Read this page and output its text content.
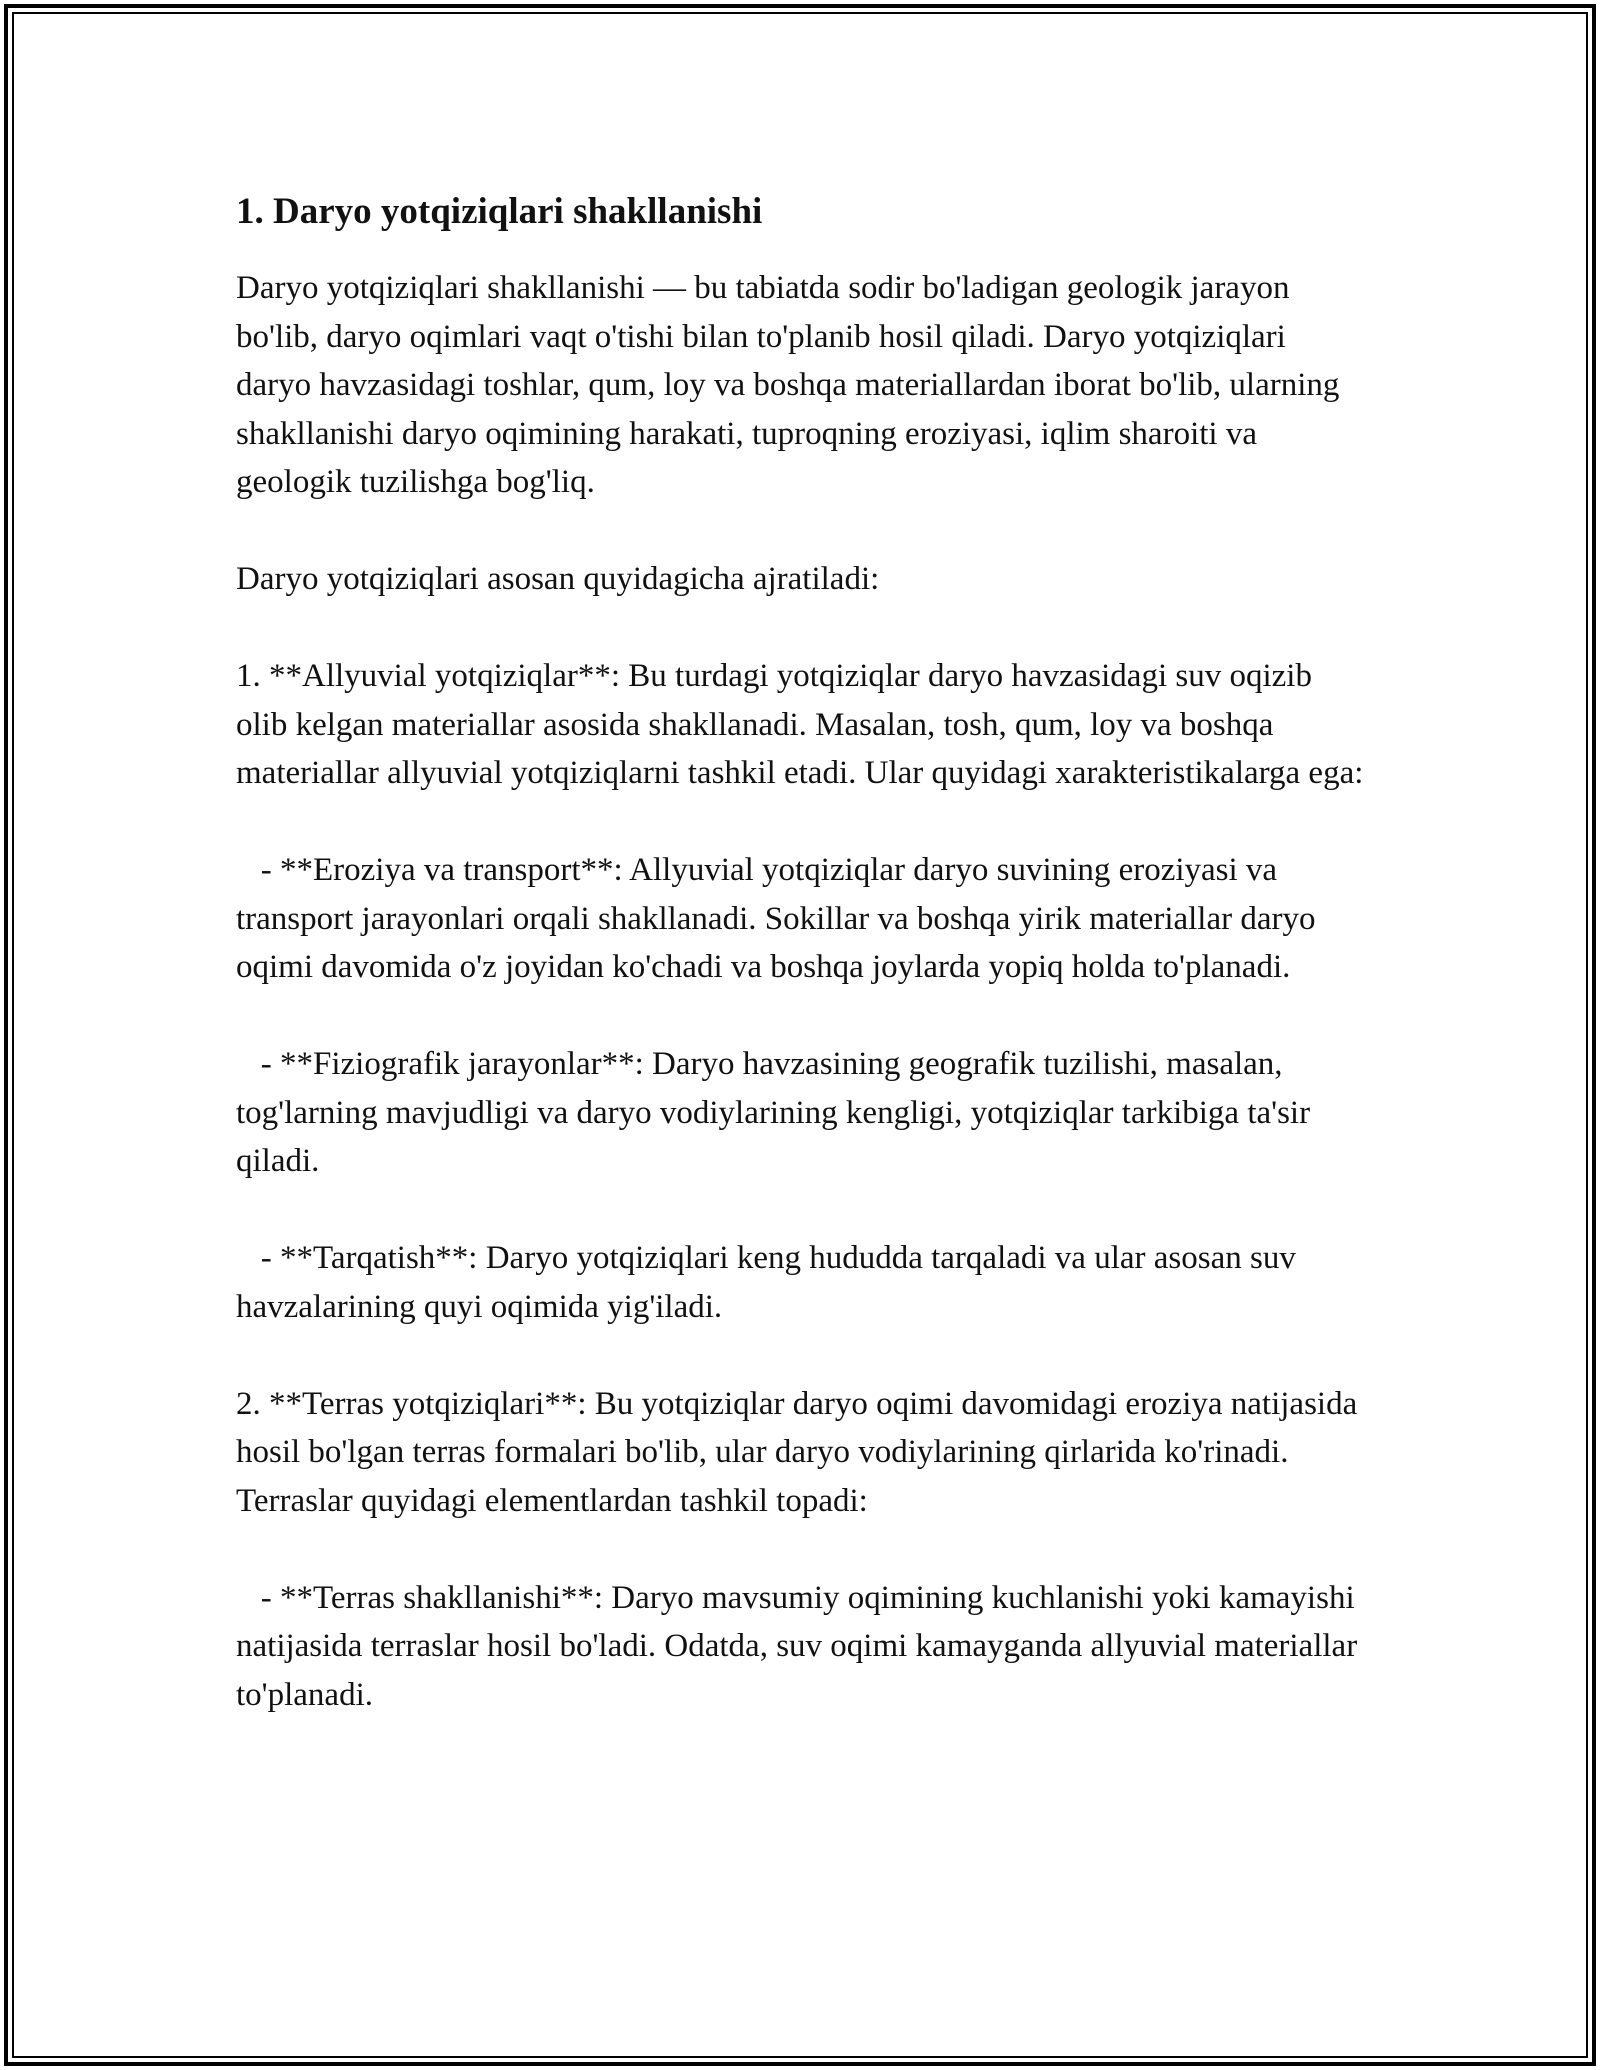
1. Daryo yotqiziqlari shakllanishi

Daryo yotqiziqlari shakllanishi — bu tabiatda sodir bo'ladigan geologik jarayon bo'lib, daryo oqimlari vaqt o'tishi bilan to'planib hosil qiladi. Daryo yotqiziqlari daryo havzasidagi toshlar, qum, loy va boshqa materiallardan iborat bo'lib, ularning shakllanishi daryo oqimining harakati, tuproqning eroziyasi, iqlim sharoiti va geologik tuzilishga bog'liq.

Daryo yotqiziqlari asosan quyidagicha ajratiladi:

1. **Allyuvial yotqiziqlar**: Bu turdagi yotqiziqlar daryo havzasidagi suv oqizib olib kelgan materiallar asosida shakllanadi. Masalan, tosh, qum, loy va boshqa materiallar allyuvial yotqiziqlarni tashkil etadi. Ular quyidagi xarakteristikalarga ega:

- **Eroziya va transport**: Allyuvial yotqiziqlar daryo suvining eroziyasi va transport jarayonlari orqali shakllanadi. Sokillar va boshqa yirik materiallar daryo oqimi davomida o'z joyidan ko'chadi va boshqa joylarda yopiq holda to'planadi.

- **Fiziografik jarayonlar**: Daryo havzasining geografik tuzilishi, masalan, tog'larning mavjudligi va daryo vodiylarining kengligi, yotqiziqlar tarkibiga ta'sir qiladi.

- **Tarqatish**: Daryo yotqiziqlari keng hududda tarqaladi va ular asosan suv havzalarining quyi oqimida yig'iladi.

2. **Terras yotqiziqlari**: Bu yotqiziqlar daryo oqimi davomidagi eroziya natijasida hosil bo'lgan terras formalari bo'lib, ular daryo vodiylarining qirlarida ko'rinadi. Terraslar quyidagi elementlardan tashkil topadi:

- **Terras shakllanishi**: Daryo mavsumiy oqimining kuchlanishi yoki kamayishi natijasida terraslar hosil bo'ladi. Odatda, suv oqimi kamayganda allyuvial materiallar to'planadi.
